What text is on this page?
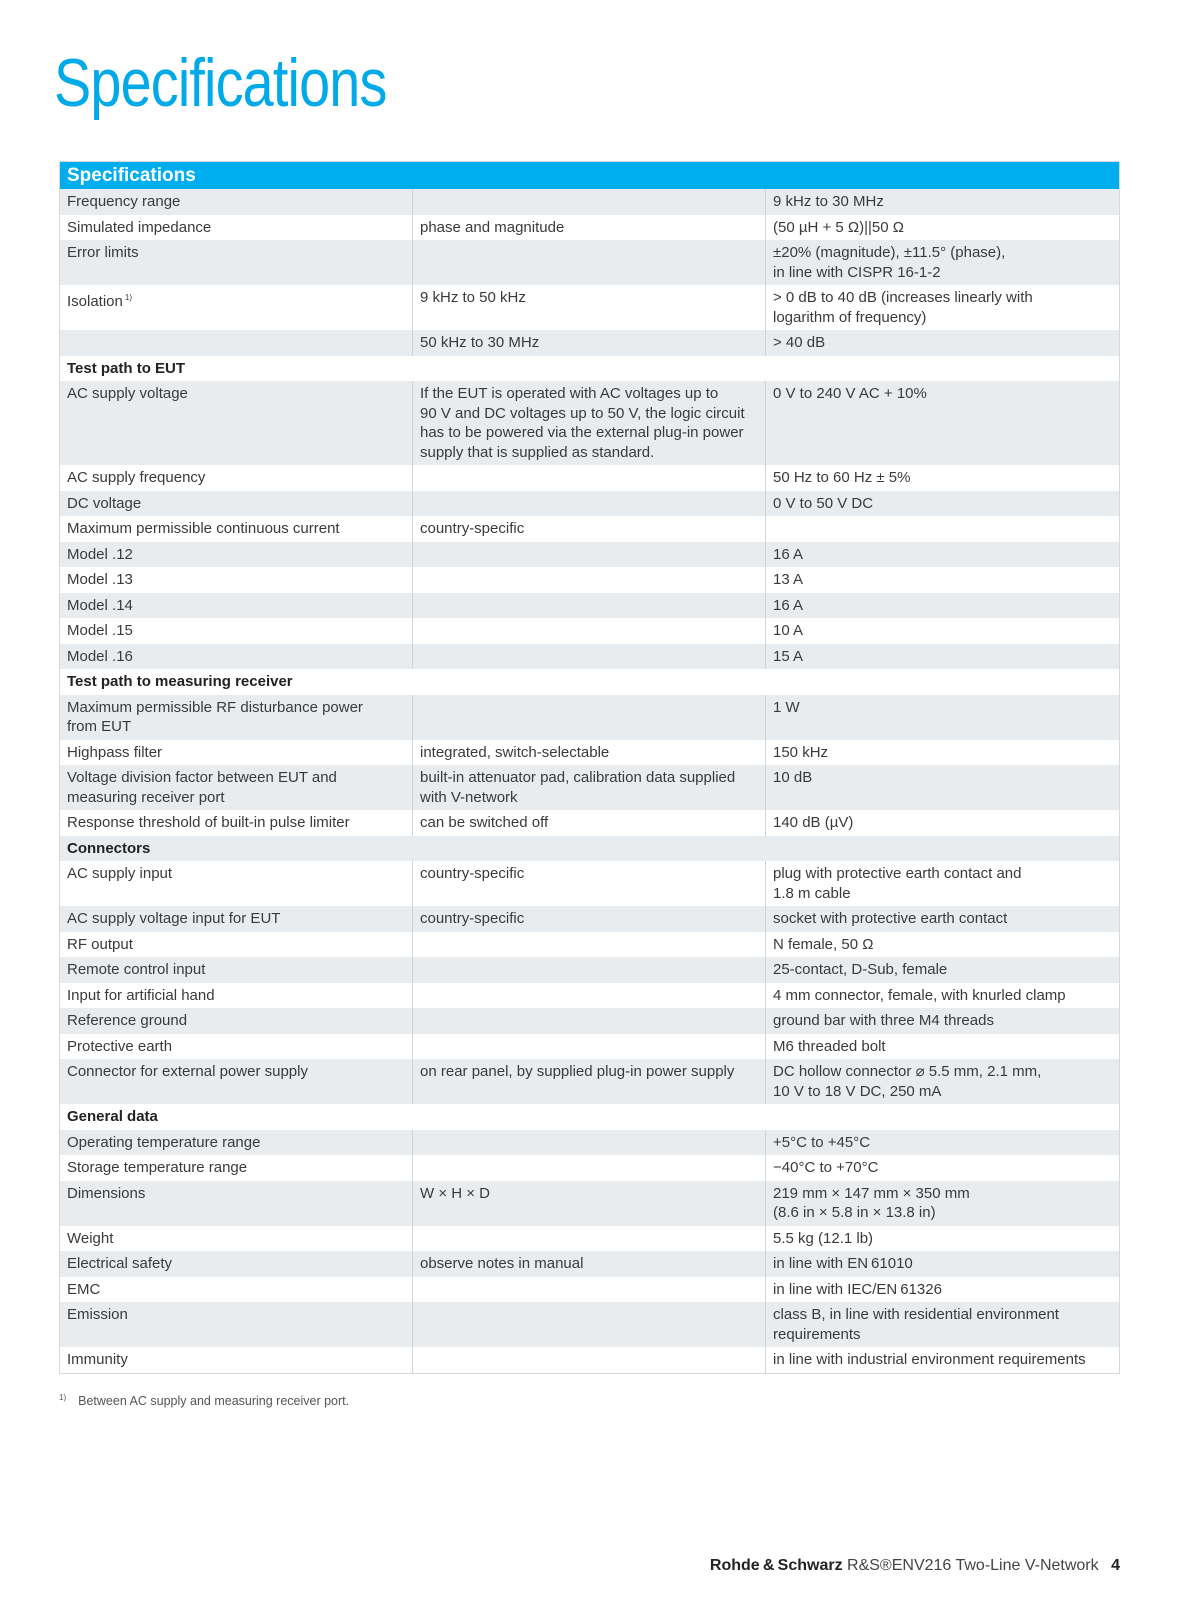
Specifications
Specifications		
Frequency range		9 kHz to 30 MHz
Simulated impedance	phase and magnitude	(50 µH + 5 Ω)||50 Ω
Error limits		±20% (magnitude), ±11.5° (phase),
in line with CISPR 16-1-2
Isolation $^{1)}$	9 kHz to 50 kHz	> 0 dB to 40 dB (increases linearly with
logarithm of frequency)
	50 kHz to 30 MHz	> 40 dB
Test path to EUT		
AC supply voltage	If the EUT is operated with AC voltages up to
90 V and DC voltages up to 50 V, the logic circuit
has to be powered via the external plug-in power
supply that is supplied as standard.	0 V to 240 V AC + 10%
AC supply frequency		50 Hz to 60 Hz ± 5%
DC voltage		0 V to 50 V DC
Maximum permissible continuous current	country-specific	
Model .12		16 A
Model .13		13 A
Model .14		16 A
Model .15		10 A
Model .16		15 A
Test path to measuring receiver		
Maximum permissible RF disturbance power
from EUT		1 W
Highpass filter	integrated, switch-selectable	150 kHz
Voltage division factor between EUT and
measuring receiver port	built-in attenuator pad, calibration data supplied
with V-network	10 dB
Response threshold of built-in pulse limiter	can be switched off	140 dB (µV)
Connectors		
AC supply input	country-specific	plug with protective earth contact and
1.8 m cable
AC supply voltage input for EUT	country-specific	socket with protective earth contact
RF output		N female, 50 Ω
Remote control input		25-contact, D-Sub, female
Input for artificial hand		4 mm connector, female, with knurled clamp
Reference ground		ground bar with three M4 threads
Protective earth		M6 threaded bolt
Connector for external power supply	on rear panel, by supplied plug-in power supply	DC hollow connector ⌀ 5.5 mm, 2.1 mm,
10 V to 18 V DC, 250 mA
General data		
Operating temperature range		+5°C to +45°C
Storage temperature range		−40°C to +70°C
Dimensions	W × H × D	219 mm × 147 mm × 350 mm
(8.6 in × 5.8 in × 13.8 in)
Weight		5.5 kg (12.1 lb)
Electrical safety	observe notes in manual	in line with EN 61010
EMC		in line with IEC/EN 61326
Emission		class B, in line with residential environment
requirements
Immunity		in line with industrial environment requirements
$^{1)}$ Between AC supply and measuring receiver port.
Rohde & Schwarz R&S®ENV216 Two-Line V-Network 4
